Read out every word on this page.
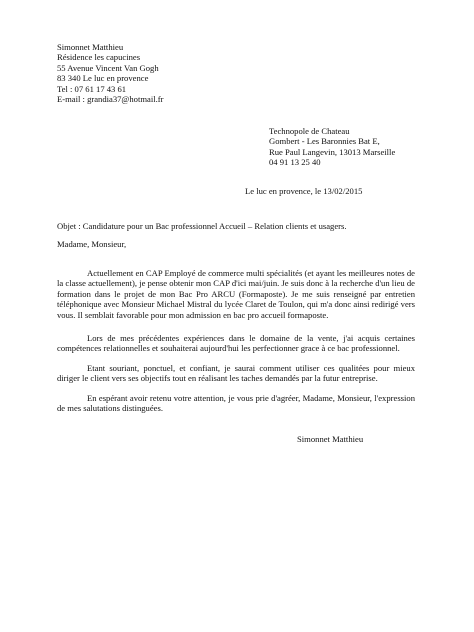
Simonnet Matthieu
Résidence les capucines
55 Avenue Vincent Van Gogh
83 340 Le luc en provence
Tel : 07 61 17 43 61
E-mail : grandia37@hotmail.fr
Technopole de Chateau
Gombert - Les Baronnies Bat E,
Rue Paul Langevin, 13013 Marseille
04 91 13 25 40
Le luc en provence, le 13/02/2015
Objet : Candidature pour un Bac professionnel Accueil – Relation clients et usagers.
Madame, Monsieur,

Actuellement en CAP Employé de commerce multi spécialités (et ayant les meilleures notes de la classe actuellement), je pense obtenir mon CAP d'ici mai/juin. Je suis donc à la recherche d'un lieu de formation dans le projet de mon Bac Pro ARCU (Formaposte). Je me suis renseigné par entretien téléphonique avec Monsieur Michael Mistral du lycée Claret de Toulon, qui m'a donc ainsi redirigé vers vous. Il semblait favorable pour mon admission en bac pro accueil formaposte.

Lors de mes précédentes expériences dans le domaine de la vente, j'ai acquis certaines compétences relationnelles et souhaiterai aujourd'hui les perfectionner grace à ce bac professionnel.

Etant souriant, ponctuel, et confiant, je saurai comment utiliser ces qualitées pour mieux diriger le client vers ses objectifs tout en réalisant les taches demandés par la futur entreprise.

En espérant avoir retenu votre attention, je vous prie d'agréer, Madame, Monsieur, l'expression de mes salutations distinguées.

Simonnet Matthieu
